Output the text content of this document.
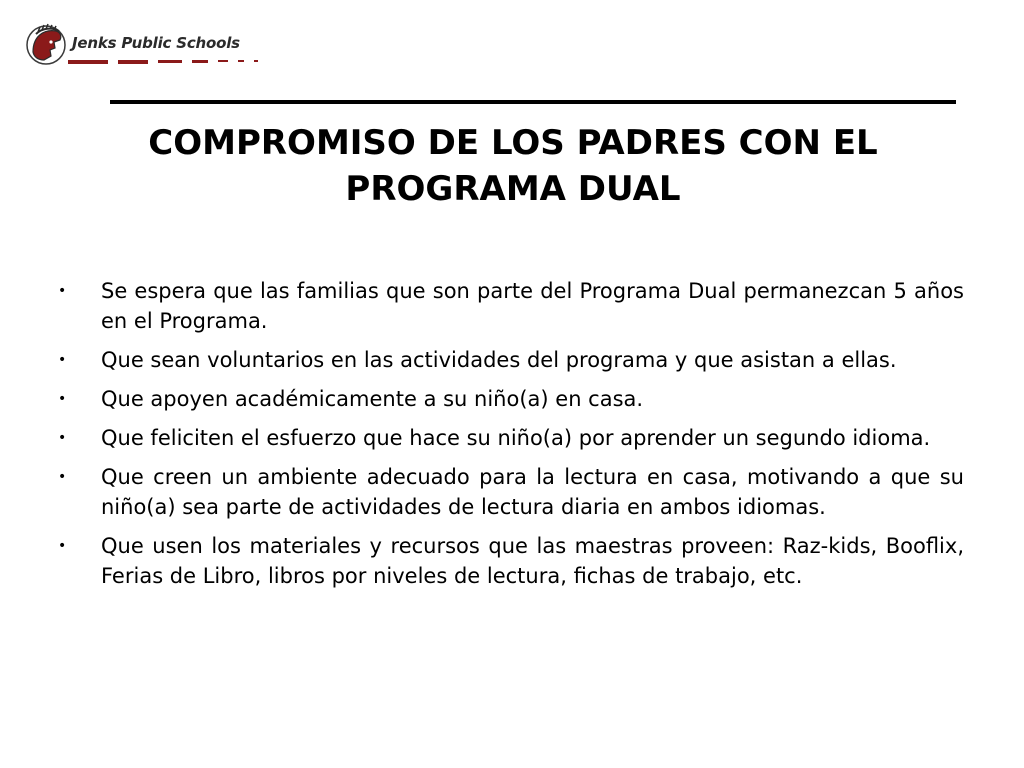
Jenks Public Schools
COMPROMISO DE LOS PADRES CON EL PROGRAMA DUAL
• Se espera que las familias que son parte del Programa Dual permanezcan 5 años en el Programa.
• Que sean voluntarios en las actividades del programa y que asistan a ellas.
• Que apoyen académicamente a su niño(a) en casa.
• Que feliciten el esfuerzo que hace su niño(a) por aprender un segundo idioma.
• Que creen un ambiente adecuado para la lectura en casa, motivando a que su niño(a) sea parte de actividades de lectura diaria en ambos idiomas.
• Que usen los materiales y recursos que las maestras proveen: Raz-kids, Booflix, Ferias de Libro, libros por niveles de lectura, fichas de trabajo, etc.
